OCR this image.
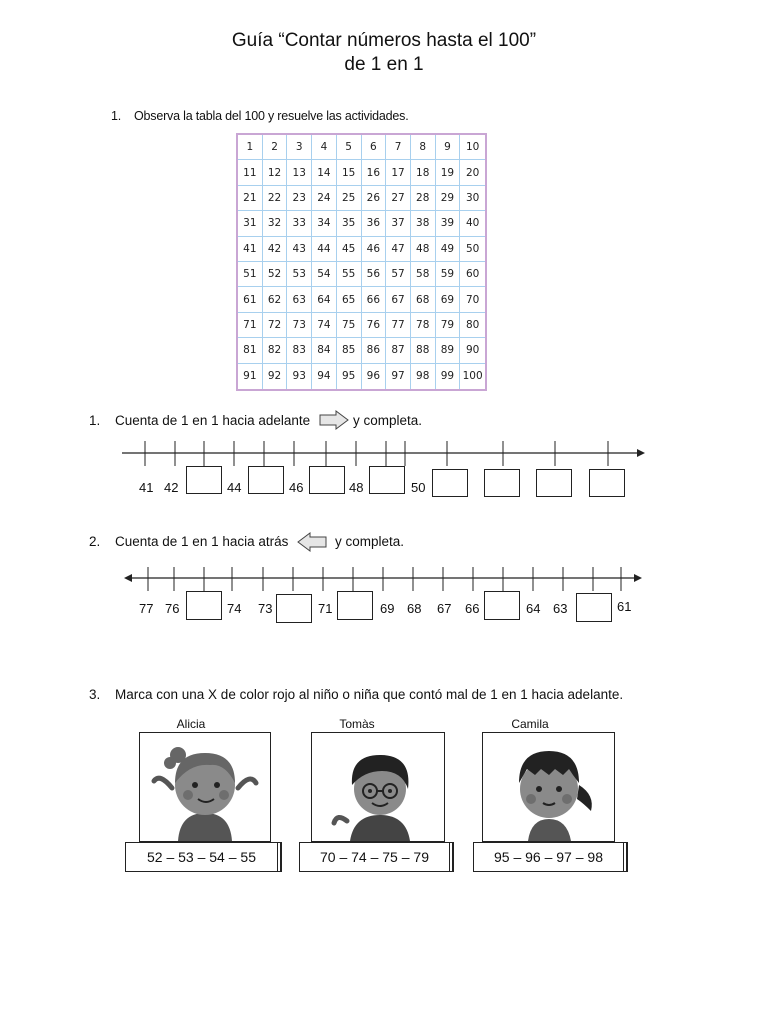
Guía “Contar números hasta el 100”
de 1 en 1
1. Observa la tabla del 100 y resuelve las actividades.
1	2	3	4	5	6	7	8	9	10
11	12	13	14	15	16	17	18	19	20
21	22	23	24	25	26	27	28	29	30
31	32	33	34	35	36	37	38	39	40
41	42	43	44	45	46	47	48	49	50
51	52	53	54	55	56	57	58	59	60
61	62	63	64	65	66	67	68	69	70
71	72	73	74	75	76	77	78	79	80
81	82	83	84	85	86	87	88	89	90
91	92	93	94	95	96	97	98	99 100
1. Cuenta de 1 en 1 hacia adelante	y completa.
41 42	44	46	48	50
2. Cuenta de 1 en 1 hacia atrás	y completa.
77 76	74 73	71	69 68 67 66	64 63	61
3. Marca con una X de color rojo al niño o niña que contó mal de 1 en 1 hacia adelante.
Alicia
52 – 53 – 54 – 55
Tomàs
70 – 74 – 75 – 79
Camila
95 – 96 – 97 – 98
